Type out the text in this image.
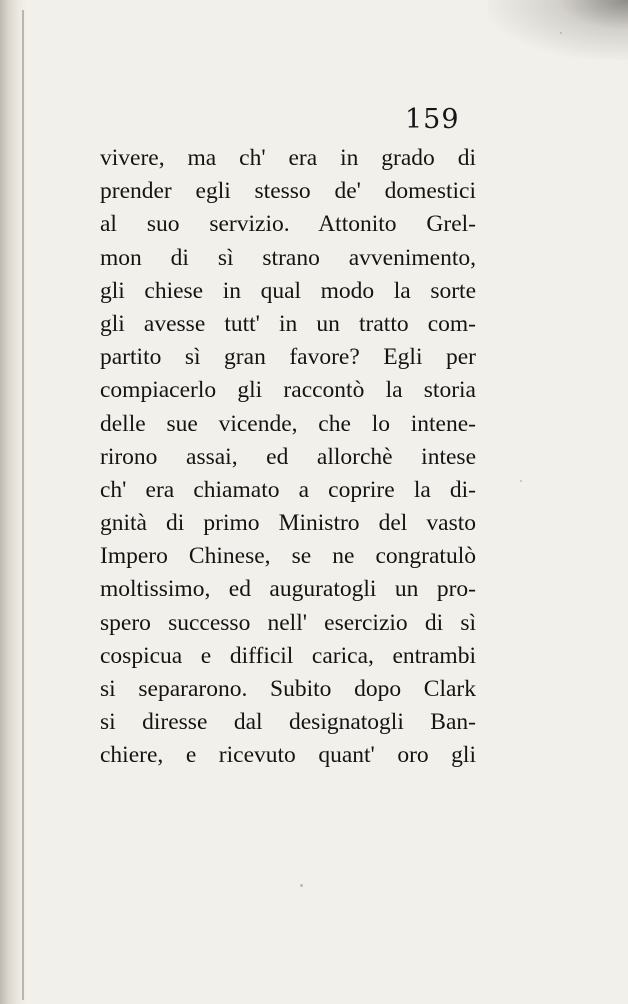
159
vivere, ma ch' era in grado di
prender egli stesso de' domestici
al suo servizio. Attonito Grel-
mon di sì strano avvenimento,
gli chiese in qual modo la sorte
gli avesse tutt' in un tratto com-
partito sì gran favore? Egli per
compiacerlo gli raccontò la storia
delle sue vicende, che lo intene-
rirono assai, ed allorchè intese
ch' era chiamato a coprire la di-
gnità di primo Ministro del vasto
Impero Chinese, se ne congratulò
moltissimo, ed auguratogli un pro-
spero successo nell' esercizio di sì
cospicua e difficil carica, entrambi
si separarono. Subito dopo Clark
si diresse dal designatogli Ban-
chiere, e ricevuto quant' oro gli
